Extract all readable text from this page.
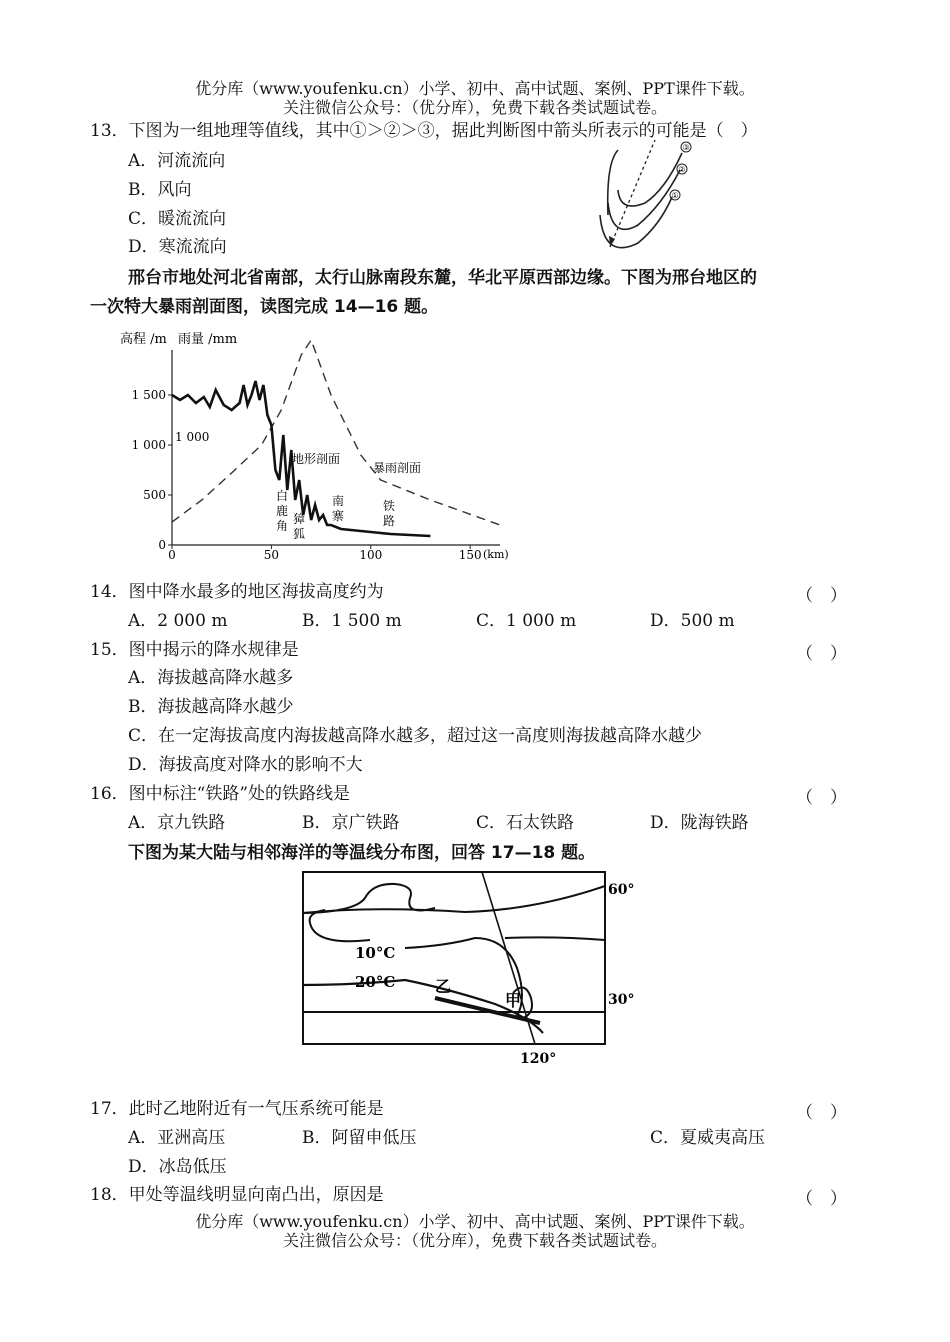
优分库（www.youfenku.cn）小学、初中、高中试题、案例、PPT课件下载。
关注微信公众号：（优分库），免费下载各类试题试卷。
13．下图为一组地理等值线，其中①＞②＞③，据此判断图中箭头所表示的可能是（　）
A．河流流向
B．风向
C．暖流流向
D．寒流流向
③
②
①
邢台市地处河北省南部，太行山脉南段东麓，华北平原西部边缘。下图为邢台地区的
一次特大暴雨剖面图，读图完成 14—16 题。
高程 /m 雨量 /mm
0
500
1 000
1 500
0	50	100	150 (km)
1 000
地形剖面
暴雨剖面
白
鹿
角 獐
狐
南
寨
铁
路
14．图中降水最多的地区海拔高度约为	（　）
A．2 000 m	B．1 500 m	C．1 000 m	D．500 m
15．图中揭示的降水规律是	（　）
A．海拔越高降水越多
B．海拔越高降水越少
C．在一定海拔高度内海拔越高降水越多，超过这一高度则海拔越高降水越少
D．海拔高度对降水的影响不大
16．图中标注“铁路”处的铁路线是	（　）
A．京九铁路	B．京广铁路	C．石太铁路	D．陇海铁路
下图为某大陆与相邻海洋的等温线分布图，回答 17—18 题。
10°C
20°C 乙
甲
60°
30°
120°
17．此时乙地附近有一气压系统可能是	（　）
A．亚洲高压	B．阿留申低压	C．夏威夷高压
D．冰岛低压
18．甲处等温线明显向南凸出，原因是	（　）
优分库（www.youfenku.cn）小学、初中、高中试题、案例、PPT课件下载。
关注微信公众号：（优分库），免费下载各类试题试卷。
